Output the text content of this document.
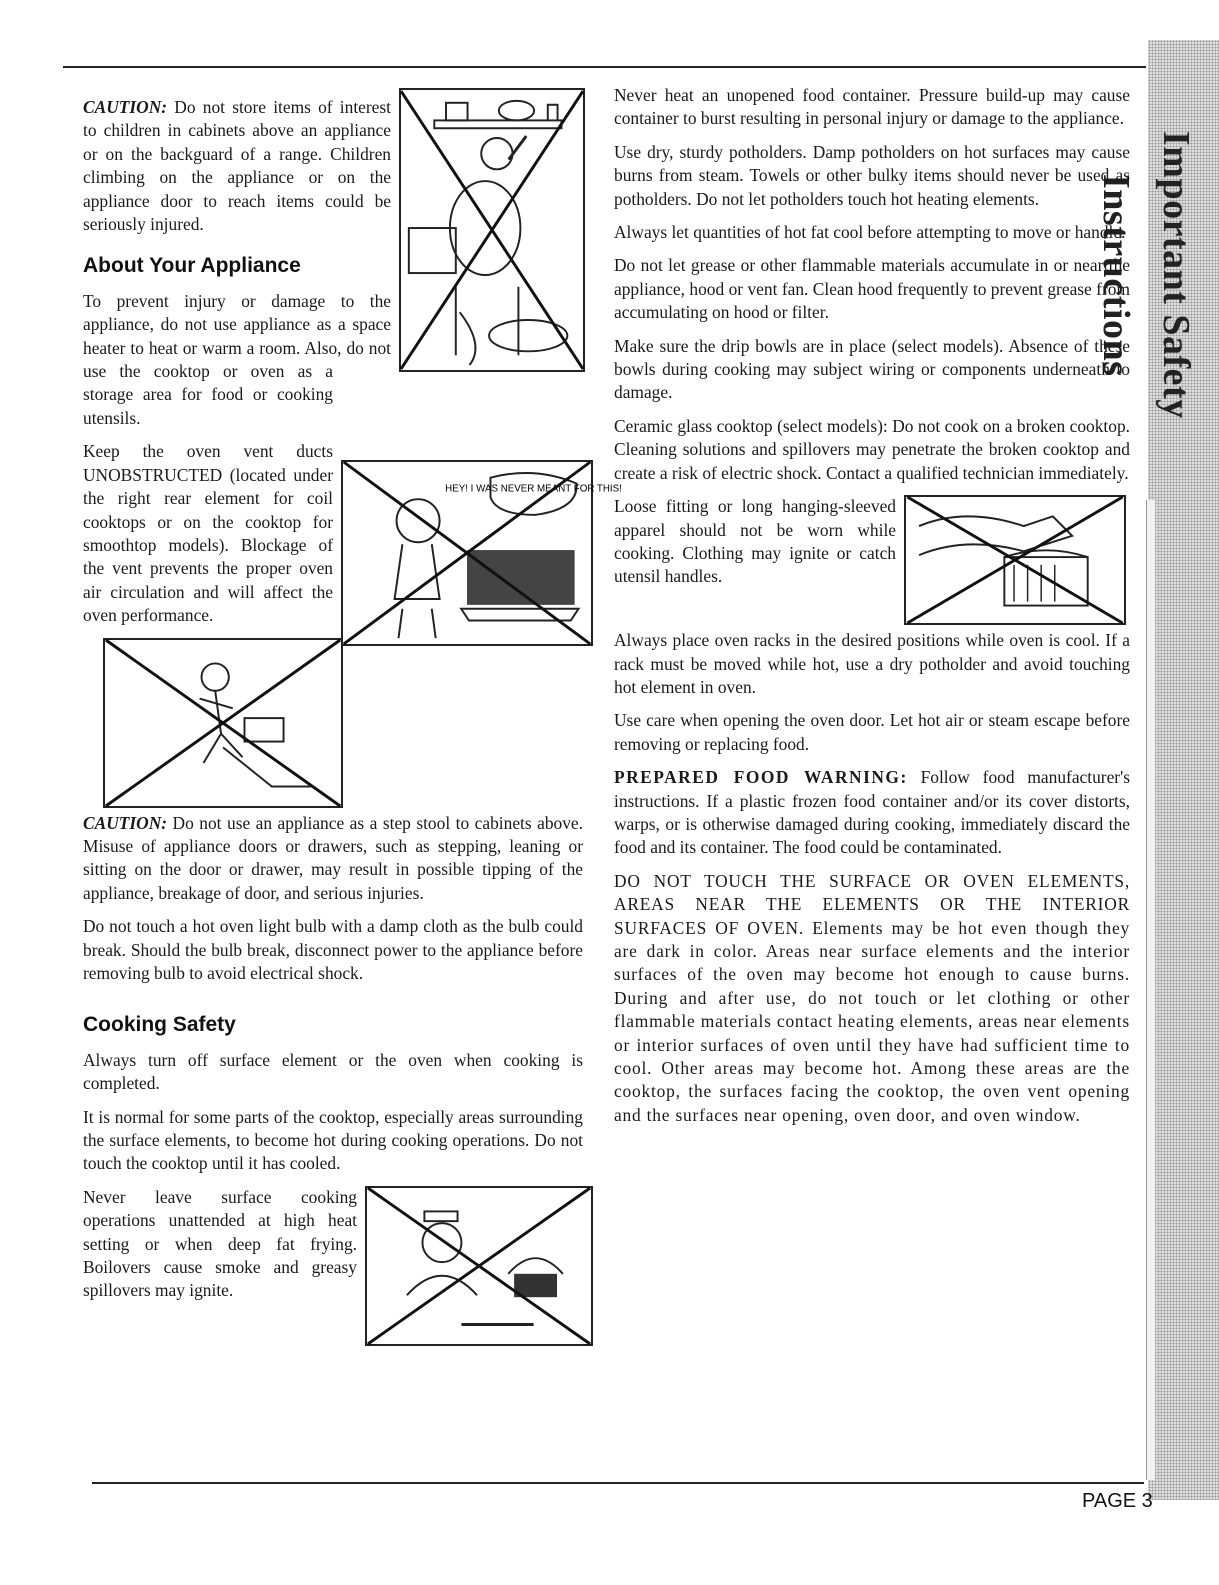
Important Safety Instructions

CAUTION: Do not store items of interest to children in cabinets above an appliance or on the backguard of a range. Children climbing on the appliance or on the appliance door to reach items could be seriously injured.

About Your Appliance
HEY! I WAS NEVER MEANT FOR THIS!

To prevent injury or damage to the appliance, do not use appliance as a space heater to heat or warm a room. Also, do not use the cooktop or oven as a storage area for food or cooking utensils.

Keep the oven vent ducts UNOBSTRUCTED (located under the right rear element for coil cooktops or on the cooktop for smoothtop models). Blockage of the vent prevents the proper oven air circulation and will affect the oven performance.

CAUTION: Do not use an appliance as a step stool to cabinets above. Misuse of appliance doors or drawers, such as stepping, leaning or sitting on the door or drawer, may result in possible tipping of the appliance, breakage of door, and serious injuries.

Do not touch a hot oven light bulb with a damp cloth as the bulb could break. Should the bulb break, disconnect power to the appliance before removing bulb to avoid electrical shock.

Cooking Safety

Always turn off surface element or the oven when cooking is completed.

It is normal for some parts of the cooktop, especially areas surrounding the surface elements, to become hot during cooking operations. Do not touch the cooktop until it has cooled.

Never leave surface cooking operations unattended at high heat setting or when deep fat frying. Boilovers cause smoke and greasy spillovers may ignite.

Never heat an unopened food container. Pressure build-up may cause container to burst resulting in personal injury or damage to the appliance.

Use dry, sturdy potholders. Damp potholders on hot surfaces may cause burns from steam. Towels or other bulky items should never be used as potholders. Do not let potholders touch hot heating elements.

Always let quantities of hot fat cool before attempting to move or handle.

Do not let grease or other flammable materials accumulate in or near the appliance, hood or vent fan. Clean hood frequently to prevent grease from accumulating on hood or filter.

Make sure the drip bowls are in place (select models). Absence of these bowls during cooking may subject wiring or components underneath to damage.

Ceramic glass cooktop (select models): Do not cook on a broken cooktop. Cleaning solutions and spillovers may penetrate the broken cooktop and create a risk of electric shock. Contact a qualified technician immediately.

Loose fitting or long hanging-sleeved apparel should not be worn while cooking. Clothing may ignite or catch utensil handles.

Always place oven racks in the desired positions while oven is cool. If a rack must be moved while hot, use a dry potholder and avoid touching hot element in oven.

Use care when opening the oven door. Let hot air or steam escape before removing or replacing food.

PREPARED FOOD WARNING: Follow food manufacturer's instructions. If a plastic frozen food container and/or its cover distorts, warps, or is otherwise damaged during cooking, immediately discard the food and its container. The food could be contaminated.

DO NOT TOUCH THE SURFACE OR OVEN ELEMENTS, AREAS NEAR THE ELEMENTS OR THE INTERIOR SURFACES OF OVEN. Elements may be hot even though they are dark in color. Areas near surface elements and the interior surfaces of the oven may become hot enough to cause burns. During and after use, do not touch or let clothing or other flammable materials contact heating elements, areas near elements or interior surfaces of oven until they have had sufficient time to cool. Other areas may become hot. Among these areas are the cooktop, the surfaces facing the cooktop, the oven vent opening and the surfaces near opening, oven door, and oven window.

PAGE 3
